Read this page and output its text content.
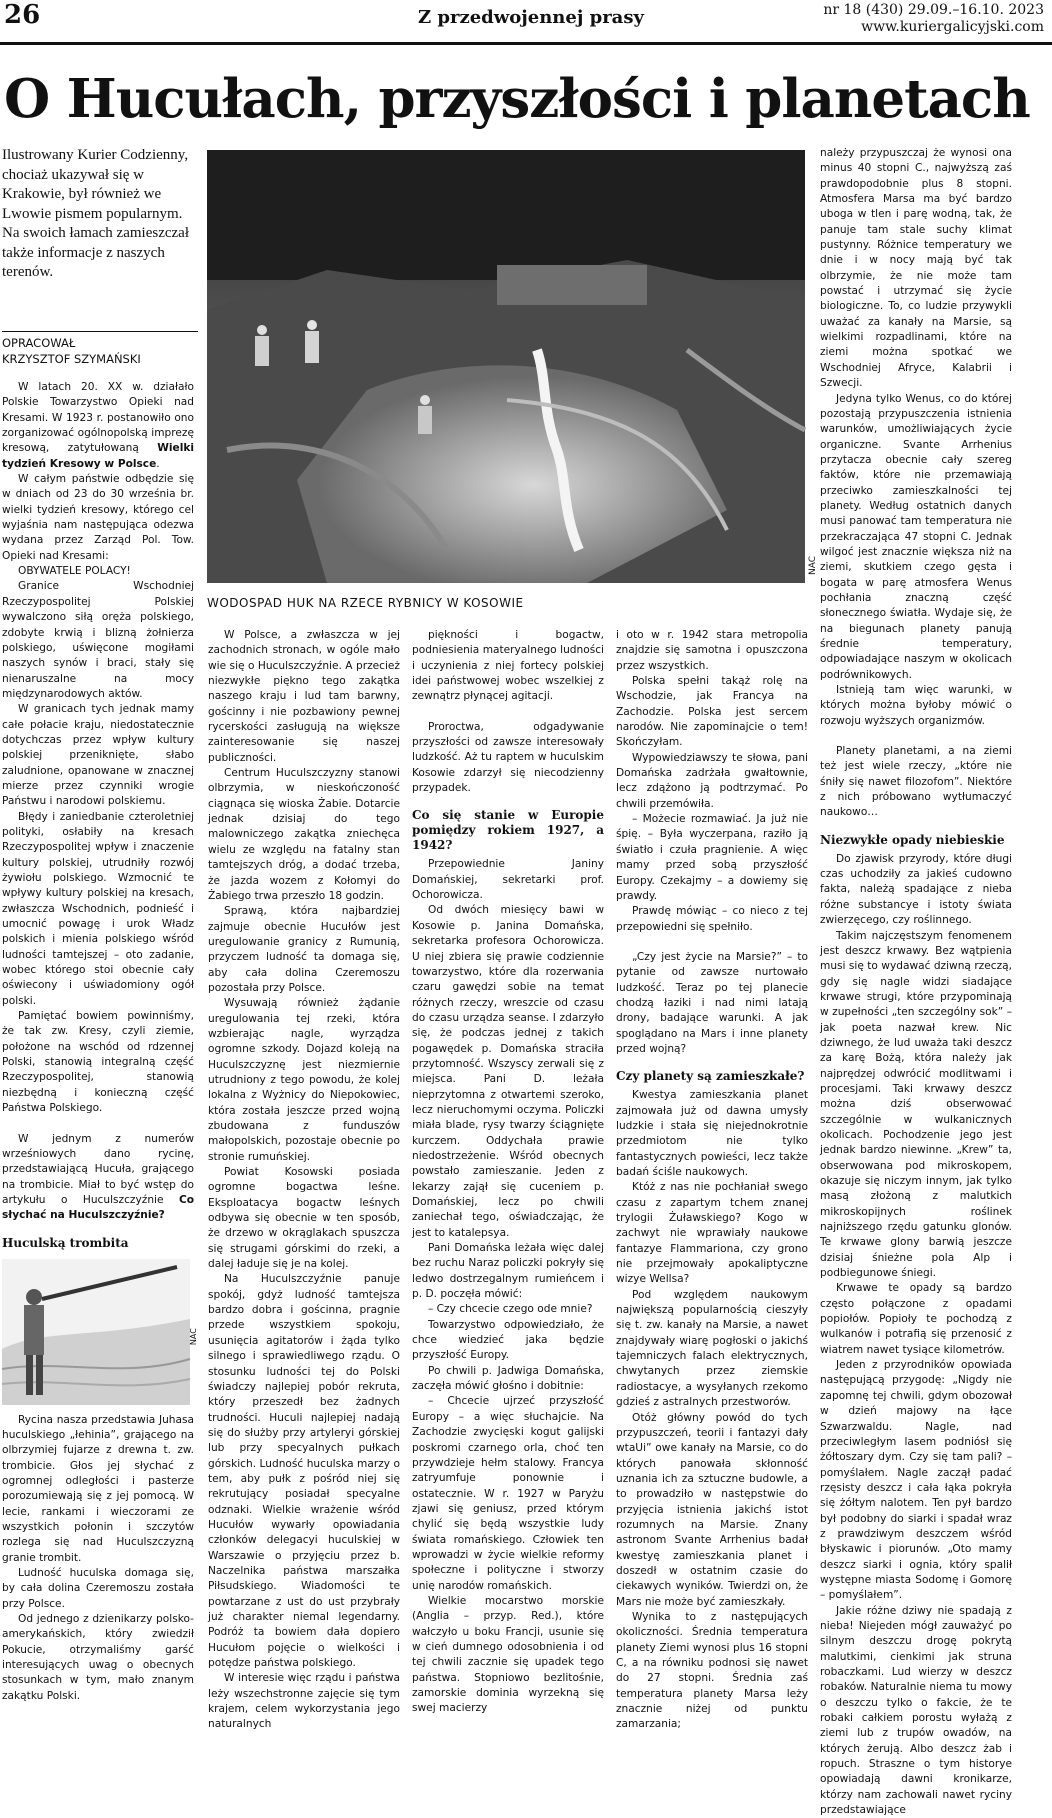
26	Z przedwojennej prasy	nr 18 (430) 29.09.–16.10. 2023
www.kuriergalicyjski.com
O Hucułach, przyszłości i planetach
Ilustrowany Kurier Codzienny, chociaż ukazywał się w Krakowie, był również we Lwowie pismem popularnym. Na swoich łamach zamieszczał także informacje z naszych terenów.
OPRACOWAŁ
KRZYSZTOF SZYMAŃSKI
NAC
WODOSPAD HUK NA RZECE RYBNICY W KOSOWIE

W latach 20. XX w. działało Polskie Towarzystwo Opieki nad Kresami. W 1923 r. postanowiło ono zorganizować ogólnopolską imprezę kresową, zatytułowaną Wielki tydzień Kresowy w Polsce.

W całym państwie odbędzie się w dniach od 23 do 30 września br. wielki tydzień kresowy, którego cel wyjaśnia nam następująca odezwa wydana przez Zarząd Pol. Tow. Opieki nad Kresami:

OBYWATELE POLACY!

Granice Wschodniej Rzeczypospolitej Polskiej wywalczono siłą oręża polskiego, zdobyte krwią i blizną żołnierza polskiego, uświęcone mogiłami naszych synów i braci, stały się nienaruszalne na mocy międzynarodowych aktów.

W granicach tych jednak mamy całe połacie kraju, niedostatecznie dotychczas przez wpływ kultury polskiej przeniknięte, słabo zaludnione, opanowane w znacznej mierze przez czynniki wrogie Państwu i narodowi polskiemu.

Błędy i zaniedbanie czteroletniej polityki, osłabiły na kresach Rzeczypospolitej wpływ i znaczenie kultury polskiej, utrudniły rozwój żywiołu polskiego. Wzmocnić te wpływy kultury polskiej na kresach, zwłaszcza Wschodnich, podnieść i umocnić powagę i urok Władz polskich i mienia polskiego wśród ludności tamtejszej – oto zadanie, wobec którego stoi obecnie cały oświecony i uświadomiony ogół polski.

Pamiętać bowiem powinniśmy, że tak zw. Kresy, czyli ziemie, położone na wschód od rdzennej Polski, stanowią integralną część Rzeczypospolitej, stanowią niezbędną i konieczną część Państwa Polskiego.

W jednym z numerów wrześniowych dano rycinę, przedstawiającą Hucuła, grającego na trombicie. Miał to być wstęp do artykułu o Huculszczyźnie Co słychać na Huculszczyźnie?

Huculską trombita
NAC

Rycina nasza przedstawia Juhasa huculskiego „łehinia”, grającego na olbrzymiej fujarze z drewna t. zw. trombicie. Głos jej słychać z ogromnej odległości i pasterze porozumiewają się z jej pomocą. W lecie, rankami i wieczorami ze wszystkich połonin i szczytów rozlega się nad Huculszczyzną granie trombit.

Ludność huculska domaga się, by cała dolina Czeremoszu została przy Polsce.

Od jednego z dzienikarzy polsko-amerykańskich, który zwiedził Pokucie, otrzymaliśmy garść interesujących uwag o obecnych stosunkach w tym, mało znanym zakątku Polski.

W Polsce, a zwłaszcza w jej zachodnich stronach, w ogóle mało wie się o Huculszczyźnie. A przecież niezwykłe piękno tego zakątka naszego kraju i lud tam barwny, gościnny i nie pozbawiony pewnej rycerskości zasługują na większe zainteresowanie się naszej publiczności.

Centrum Huculszczyzny stanowi olbrzymia, w nieskończoność ciągnąca się wioska Żabie. Dotarcie jednak dzisiaj do tego malowniczego zakątka zniechęca wielu ze względu na fatalny stan tamtejszych dróg, a dodać trzeba, że jazda wozem z Kołomyi do Żabiego trwa przeszło 18 godzin.

Sprawą, która najbardziej zajmuje obecnie Hucułów jest uregulowanie granicy z Rumunią, przyczem ludność ta domaga się, aby cała dolina Czeremoszu pozostała przy Polsce.

Wysuwają również żądanie uregulowania tej rzeki, która wzbierając nagle, wyrządza ogromne szkody. Dojazd koleją na Huculszczyznę jest niezmiernie utrudniony z tego powodu, że kolej lokalna z Wyżnicy do Niepokowiec, która została jeszcze przed wojną zbudowana z funduszów małopolskich, pozostaje obecnie po stronie rumuńskiej.

Powiat Kosowski posiada ogromne bogactwa leśne. Eksploatacya bogactw leśnych odbywa się obecnie w ten sposób, że drzewo w okrąglakach spuszcza się strugami górskimi do rzeki, a dalej ładuje się je na kolej.

Na Huculszczyźnie panuje spokój, gdyż ludność tamtejsza bardzo dobra i gościnna, pragnie przede wszystkiem spokoju, usunięcia agitatorów i żąda tylko silnego i sprawiedliwego rządu. O stosunku ludności tej do Polski świadczy najlepiej pobór rekruta, który przeszedł bez żadnych trudności. Huculi najlepiej nadają się do służby przy artyleryi górskiej lub przy specyalnych pułkach górskich. Ludność huculska marzy o tem, aby pułk z pośród niej się rekrutujący posiadał specyalne odznaki. Wielkie wrażenie wśród Hucułów wywarły opowiadania członków delegacyi huculskiej w Warszawie o przyjęciu przez b. Naczelnika państwa marszałka Piłsudskiego. Wiadomości te powtarzane z ust do ust przybrały już charakter niemal legendarny. Podróż ta bowiem dała dopiero Hucułom pojęcie o wielkości i potędze państwa polskiego.

W interesie więc rządu i państwa leży wszechstronne zajęcie się tym krajem, celem wykorzystania jego naturalnych

piękności i bogactw, podniesienia materyalnego ludności i uczynienia z niej fortecy polskiej idei państwowej wobec wszelkiej z zewnątrz płynącej agitacji.

Proroctwa, odgadywanie przyszłości od zawsze interesowały ludzkość. Aż tu raptem w huculskim Kosowie zdarzył się niecodzienny przypadek.

Co się stanie w Europie pomiędzy rokiem 1927, a 1942?

Przepowiednie Janiny Domańskiej, sekretarki prof. Ochorowicza.

Od dwóch miesięcy bawi w Kosowie p. Janina Domańska, sekretarka profesora Ochorowicza. U niej zbiera się prawie codziennie towarzystwo, które dla rozerwania czaru gawędzi sobie na temat różnych rzeczy, wreszcie od czasu do czasu urządza seanse. I zdarzyło się, że podczas jednej z takich pogawędek p. Domańska straciła przytomność. Wszyscy zerwali się z miejsca. Pani D. leżała nieprzytomna z otwartemi szeroko, lecz nieruchomymi oczyma. Policzki miała blade, rysy twarzy ściągnięte kurczem. Oddychała prawie niedostrzeżenie. Wśród obecnych powstało zamieszanie. Jeden z lekarzy zajął się cuceniem p. Domańskiej, lecz po chwili zaniechał tego, oświadczając, że jest to katalepsya.

Pani Domańska leżała więc dalej bez ruchu Naraz policzki pokryły się ledwo dostrzegalnym rumieńcem i p. D. poczęła mówić:

– Czy chcecie czego ode mnie?

Towarzystwo odpowiedziało, że chce wiedzieć jaka będzie przyszłość Europy.

Po chwili p. Jadwiga Domańska, zaczęła mówić głośno i dobitnie:

– Chcecie ujrzeć przyszłość Europy – a więc słuchajcie. Na Zachodzie zwycięski kogut galijski poskromi czarnego orla, choć ten przywdzieje hełm stalowy. Francya zatryumfuje ponownie i ostatecznie. W r. 1927 w Paryżu zjawi się geniusz, przed którym chylić się będą wszystkie ludy świata romańskiego. Człowiek ten wprowadzi w życie wielkie reformy społeczne i polityczne i stworzy unię narodów romańskich.

Wielkie mocarstwo morskie (Anglia – przyp. Red.), które wałczyło u boku Francji, usunie się w cień dumnego odosobnienia i od tej chwili zacznie się upadek tego państwa. Stopniowo bezlitośnie, zamorskie dominia wyrzekną się swej macierzy

i oto w r. 1942 stara metropolia znajdzie się samotna i opuszczona przez wszystkich.

Polska spełni takąż rolę na Wschodzie, jak Francya na Zachodzie. Polska jest sercem narodów. Nie zapominajcie o tem! Skończyłam.

Wypowiedziawszy te słowa, pani Domańska zadrżała gwałtownie, lecz zdążono ją podtrzymać. Po chwili przemówiła.

– Możecie rozmawiać. Ja już nie śpię. – Była wyczerpana, raziło ją światło i czuła pragnienie. A więc mamy przed sobą przyszłość Europy. Czekajmy – a dowiemy się prawdy.

Prawdę mówiąc – co nieco z tej przepowiedni się spełniło.

„Czy jest życie na Marsie?” – to pytanie od zawsze nurtowało ludzkość. Teraz po tej planecie chodzą łaziki i nad nimi latają drony, badające warunki. A jak spoglądano na Mars i inne planety przed wojną?

Czy planety są zamieszkałe?

Kwestya zamieszkania planet zajmowała już od dawna umysły ludzkie i stała się niejednokrotnie przedmiotom nie tylko fantastycznych powieści, lecz także badań ściśle naukowych.

Któż z nas nie pochłaniał swego czasu z zapartym tchem znanej trylogii Żuławskiego? Kogo w zachwyt nie wprawiały naukowe fantazye Flammariona, czy grono nie przejmowały apokaliptyczne wizye Wellsa?

Pod względem naukowym największą popularnością cieszyły się t. zw. kanały na Marsie, a nawet znajdywały wiarę pogłoski o jakichś tajemniczych falach elektrycznych, chwytanych przez ziemskie radiostacye, a wysyłanych rzekomo gdzieś z astralnych przestworów.

Otóż główny powód do tych przypuszczeń, teorii i fantazyi dały wtaUi” owe kanały na Marsie, co do których panowała skłonność uznania ich za sztuczne budowle, a to prowadziło w następstwie do przyjęcia istnienia jakichś istot rozumnych na Marsie. Znany astronom Svante Arrhenius badał kwestyę zamieszkania planet i doszedł w ostatnim czasie do ciekawych wyników. Twierdzi on, że Mars nie może być zamieszkały.

Wynika to z następujących okoliczności. Średnia temperatura planety Ziemi wynosi plus 16 stopni C, a na równiku podnosi się nawet do 27 stopni. Średnia zaś temperatura planety Marsa leży znacznie niżej od punktu zamarzania;

należy przypuszczaj że wynosi ona minus 40 stopni C., najwyższą zaś prawdopodobnie plus 8 stopni. Atmosfera Marsa ma być bardzo uboga w tlen i parę wodną, tak, że panuje tam stale suchy klimat pustynny. Różnice temperatury we dnie i w nocy mają być tak olbrzymie, że nie może tam powstać i utrzymać się życie biologiczne. To, co ludzie przywykli uważać za kanały na Marsie, są wielkimi rozpadlinami, które na ziemi można spotkać we Wschodniej Afryce, Kalabrii i Szwecji.

Jedyna tylko Wenus, co do której pozostają przypuszczenia istnienia warunków, umożliwiających życie organiczne. Svante Arrhenius przytacza obecnie cały szereg faktów, które nie przemawiają przeciwko zamieszkalności tej planety. Według ostatnich danych musi panować tam temperatura nie przekraczająca 47 stopni C. Jednak wilgoć jest znacznie większa niż na ziemi, skutkiem czego gęsta i bogata w parę atmosfera Wenus pochłania znaczną część słonecznego światła. Wydaje się, że na biegunach planety panują średnie temperatury, odpowiadające naszym w okolicach podrównikowych.

Istnieją tam więc warunki, w których można byłoby mówić o rozwoju wyższych organizmów.

Planety planetami, a na ziemi też jest wiele rzeczy, „które nie śniły się nawet filozofom”. Niektóre z nich próbowano wytłumaczyć naukowo…

Niezwykłe opady niebieskie

Do zjawisk przyrody, które długi czas uchodziły za jakieś cudowno fakta, należą spadające z nieba różne substancye i istoty świata zwierzęcego, czy roślinnego.

Takim najczęstszym fenomenem jest deszcz krwawy. Bez wątpienia musi się to wydawać dziwną rzeczą, gdy się nagle widzi siadające krwawe strugi, które przypominają w zupełności „ten szczególny sok” – jak poeta nazwał krew. Nic dziwnego, że lud uważa taki deszcz za karę Bożą, która należy jak najprędzej odwrócić modlitwami i procesjami. Taki krwawy deszcz można dziś obserwować szczególnie w wulkanicznych okolicach. Pochodzenie jego jest jednak bardzo niewinne. „Krew” ta, obserwowana pod mikroskopem, okazuje się niczym innym, jak tylko masą złożoną z malutkich mikroskopijnych roślinek najniższego rzędu gatunku glonów. Te krwawe glony barwią jeszcze dzisiaj śnieżne pola Alp i podbiegunowe śniegi.

Krwawe te opady są bardzo często połączone z opadami popiołów. Popioły te pochodzą z wulkanów i potrafią się przenosić z wiatrem nawet tysiące kilometrów.

Jeden z przyrodników opowiada następującą przygodę: „Nigdy nie zapomnę tej chwili, gdym obozował w dzień majowy na łące Szwarzwaldu. Nagle, nad przeciwległym lasem podniósł się żółtoszary dym. Czy się tam pali? – pomyślałem. Nagle zaczął padać rzęsisty deszcz i cała łąka pokryła się żółtym nalotem. Ten pył bardzo był podobny do siarki i spadał wraz z prawdziwym deszczem wśród błyskawic i piorunów. „Oto mamy deszcz siarki i ognia, który spalił występne miasta Sodomę i Gomorę – pomyślałem”.

Jakie różne dziwy nie spadają z nieba! Niejeden mógł zauważyć po silnym deszczu drogę pokrytą malutkimi, cienkimi jak struna robaczkami. Lud wierzy w deszcz robaków. Naturalnie niema tu mowy o deszczu tylko o fakcie, że te robaki całkiem porostu wyłażą z ziemi lub z trupów owadów, na których żerują. Albo deszcz żab i ropuch. Straszne o tym historye opowiadają dawni kronikarze, którzy nam zachowali nawet ryciny przedstawiające
